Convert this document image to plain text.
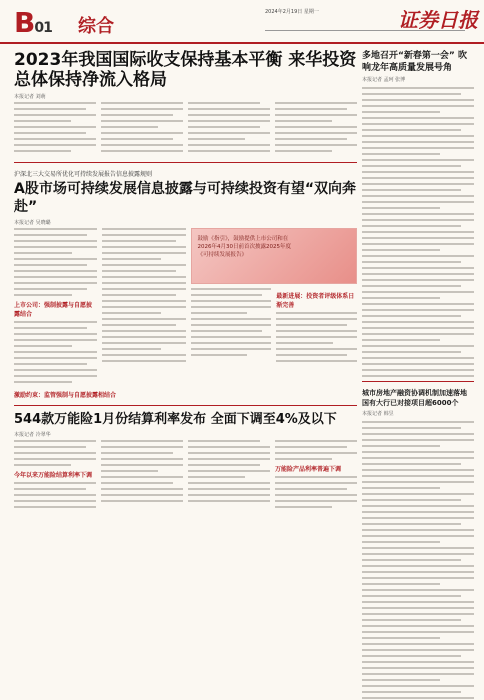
B01 综合
2024年2月19日 星期一	证券日报
2023年我国国际收支保持基本平衡 来华投资总体保持净流入格局
本报记者 刘萌
沪深北三大交易所优化可持续发展报告信息披露规则
A股市场可持续发展信息披露与可持续投资有望“双向奔赴”
本报记者 吴晓璐
上市公司：强制披露与自愿披露结合
鼓励《指引》，鼓励提供上市公司和在2026年4月30日前首次披露2025年度《可持续发展报告》
最新进展：投资者评级体系日渐完善
激励约束：监管强制与自愿披露相结合
544款万能险1月份结算利率发布 全面下调至4%及以下
本报记者 冷翠华
今年以来万能险结算利率下调
万能险产品利率普遍下调
多地召开“新春第一会” 吹响龙年高质量发展号角
本报记者 孟珂 张博
城市房地产融资协调机制加速落地 国有大行已对接项目超6000个
本报记者 韩昱
